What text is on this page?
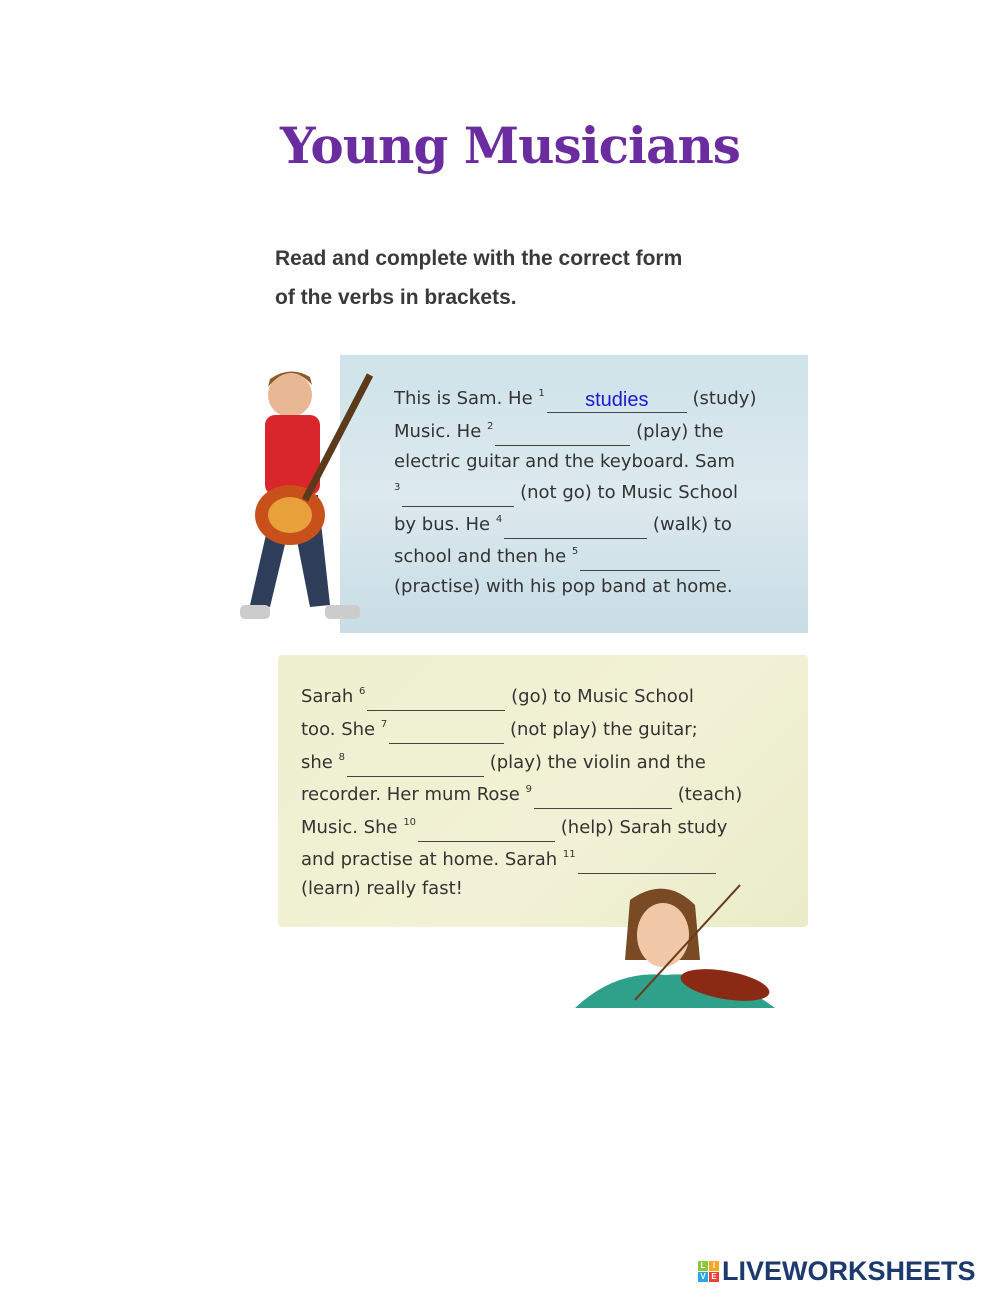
Young Musicians
Read and complete with the correct form
of the verbs in brackets.
This is Sam. He $^1$studies	(study)
Music. He $^2$	(play) the
electric guitar and the keyboard. Sam
$^3$	(not go) to Music School
by bus. He $^4$	(walk) to
school and then he $^5$
(practise) with his pop band at home.
Sarah $^6$	(go) to Music School
too. She $^7$	(not play) the guitar;
she $^8$	(play) the violin and the
recorder. Her mum Rose $^9$	(teach)
Music. She $^{10}$	(help) Sarah study
and practise at home. Sarah $^{11}$
(learn) really fast!
L I
V E LIVEWORKSHEETS
